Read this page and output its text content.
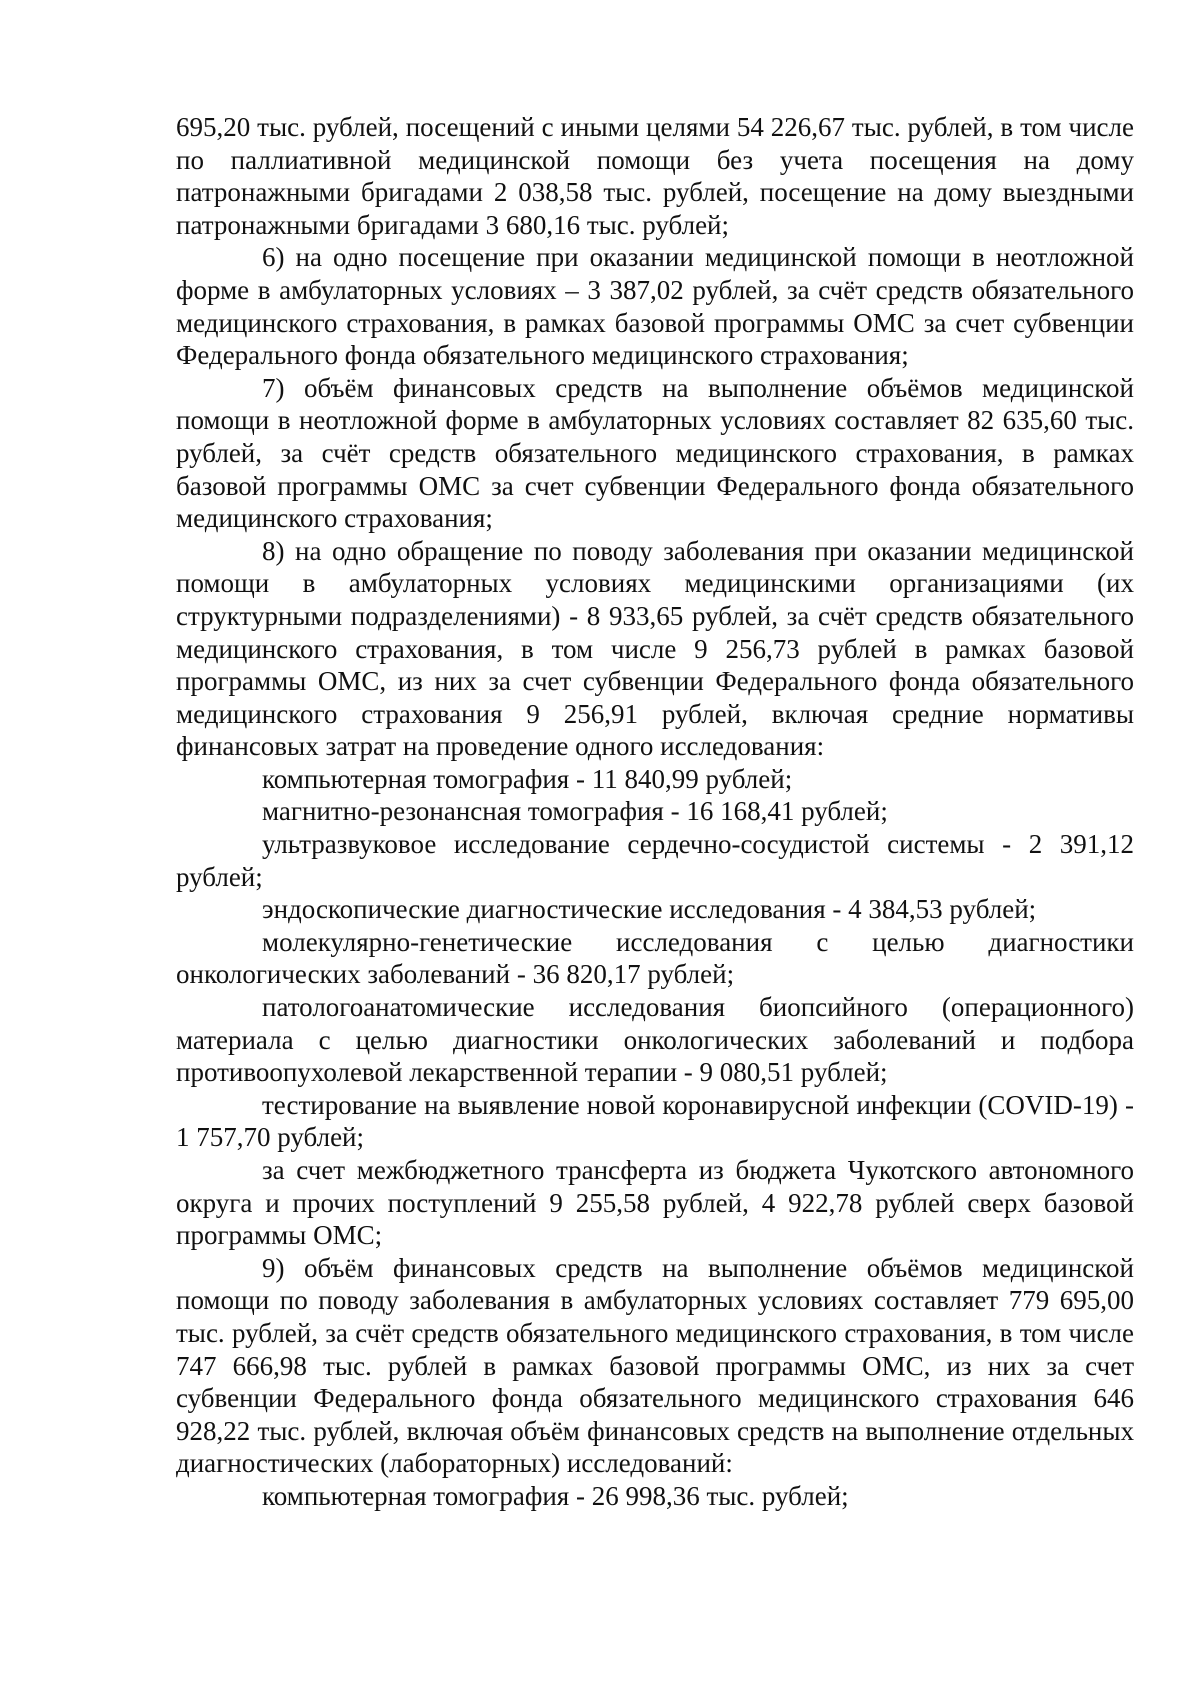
695,20 тыс. рублей, посещений с иными целями 54 226,67 тыс. рублей, в том числе по паллиативной медицинской помощи без учета посещения на дому патронажными бригадами 2 038,58 тыс. рублей, посещение на дому выездными патронажными бригадами 3 680,16 тыс. рублей;

6) на одно посещение при оказании медицинской помощи в неотложной форме в амбулаторных условиях – 3 387,02 рублей, за счёт средств обязательного медицинского страхования, в рамках базовой программы ОМС за счет субвенции Федерального фонда обязательного медицинского страхования;

7) объём финансовых средств на выполнение объёмов медицинской помощи в неотложной форме в амбулаторных условиях составляет 82 635,60 тыс. рублей, за счёт средств обязательного медицинского страхования, в рамках базовой программы ОМС за счет субвенции Федерального фонда обязательного медицинского страхования;

8) на одно обращение по поводу заболевания при оказании медицинской помощи в амбулаторных условиях медицинскими организациями (их структурными подразделениями) - 8 933,65 рублей, за счёт средств обязательного медицинского страхования, в том числе 9 256,73 рублей в рамках базовой программы ОМС, из них за счет субвенции Федерального фонда обязательного медицинского страхования 9 256,91 рублей, включая средние нормативы финансовых затрат на проведение одного исследования:

компьютерная томография - 11 840,99 рублей;

магнитно-резонансная томография - 16 168,41 рублей;

ультразвуковое исследование сердечно-сосудистой системы - 2 391,12 рублей;

эндоскопические диагностические исследования - 4 384,53 рублей;

молекулярно-генетические исследования с целью диагностики онкологических заболеваний - 36 820,17 рублей;

патологоанатомические исследования биопсийного (операционного) материала с целью диагностики онкологических заболеваний и подбора противоопухолевой лекарственной терапии - 9 080,51 рублей;

тестирование на выявление новой коронавирусной инфекции (COVID-19) - 1 757,70 рублей;

за счет межбюджетного трансферта из бюджета Чукотского автономного округа и прочих поступлений 9 255,58 рублей, 4 922,78 рублей сверх базовой программы ОМС;

9) объём финансовых средств на выполнение объёмов медицинской помощи по поводу заболевания в амбулаторных условиях составляет 779 695,00 тыс. рублей, за счёт средств обязательного медицинского страхования, в том числе 747 666,98 тыс. рублей в рамках базовой программы ОМС, из них за счет субвенции Федерального фонда обязательного медицинского страхования 646 928,22 тыс. рублей, включая объём финансовых средств на выполнение отдельных диагностических (лабораторных) исследований:

компьютерная томография - 26 998,36 тыс. рублей;
